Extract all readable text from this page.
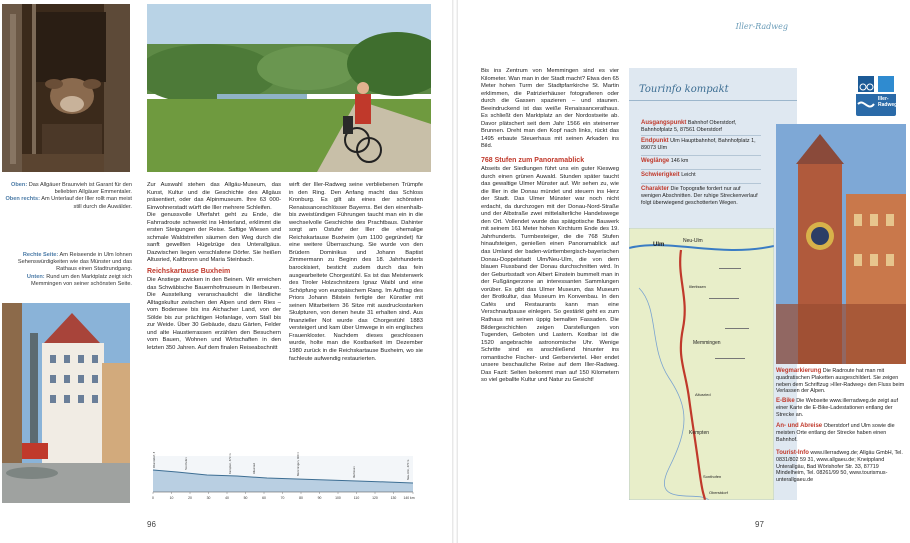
Oben: Das Allgäuer Braunvieh ist Garant für den beliebten Allgäuer Emmentaler.
Oben rechts: Am Unterlauf der Iller rollt man meist still durch die Auwälder.
Rechte Seite: Am Reiseende in Ulm lohnen Sehenswürdigkeiten wie das Münster und das Rathaus einen Stadtrundgang.
Unten: Rund um den Marktplatz zeigt sich Memmingen von seiner schönsten Seite.

Zur Auswahl stehen das Allgäu-Museum, das Kunst, Kultur und die Geschichte des Allgäus präsentiert, oder das Alpinmuseum. Ihre 63 000-Einwohnerstadt würft die Iller mehrere Schleifen.

Die genussvolle Uferfahrt geht zu Ende, die Fahrradroute schwenkt ins Hinterland, erklimmt die ersten Steigungen der Reise. Saftige Wiesen und schmale Waldstreifen säumen den Weg durch die sanft gewellten Hügelzüge des Unterallgäus. Dazwischen liegen verschlafene Dörfer. Sie heißen Altusried, Kaltbronn und Maria Steinbach.

Reichskartause Buxheim

Die Anstiege zwicken in den Beinen. Wir erreichen das Schwäbische Bauernhofmuseum in Illerbeuren. Die Ausstellung veranschaulicht die ländliche Alltagskultur zwischen den Alpen und dem Ries – vom Bodensee bis ins Aichacher Land, von der Sölde bis zur prächtigen Hofanlage, vom Stall bis zur Weide. Über 30 Gebäude, dazu Gärten, Felder und alte Haustierrassen erzählen den Besuchern vom Bauen, Wohnen und Wirtschaften in den letzten 350 Jahren. Auf dem finalen Reiseabschnitt

wirft der Iller-Radweg seine verbliebenen Trümpfe in den Ring. Den Anfang macht das Schloss Kronburg. Es gilt als eines der schönsten Renaissanceschlösser Bayerns. Bei den einenhalb- bis zweistündigen Führungen taucht man ein in die wechselvolle Geschichte des Prachtbaus. Dahinter sorgt am Ostufer der Iller die ehemalige Reichskartause Buxheim (um 1100 gegründet) für eine weitere Überraschung. Sie wurde von den Brüdern Dominikus und Johann Baptist Zimmermann zu Beginn des 18. Jahrhunderts barockisiert, besticht zudem durch das fein ausgearbeitete Chorgestühl. Es ist das Meisterwerk des Tiroler Holzschnitzers Ignaz Waibl und eine Schöpfung von europäischem Rang. Im Auftrag des Priors Johann Bilstein fertigte der Künstler mit seinen Mitarbeitern 36 Sitze mit ausdrucksstarken Skulpturen, von denen heute 31 erhalten sind. Aus finanzieller Not wurde das Chorgestühl 1883 versteigert und kam über Umwege in ein englisches Frauenkloster. Nachdem dieses geschlossen wurde, holte man die Kostbarkeit im Dezember 1980 zurück in die Reichskartause Buxheim, wo sie fachleute aufwendig restaurierten.

0	10	20	30	40	50	60	70	80	90	100	110	120	130 140 km
Oberstdorf, 813 m	Sonthofen	Kempten, 673 m	Altusried	Memmingen, 600 m	Illertissen	Neu-Ulm, 470 m
96
Iller-Radweg

Bis ins Zentrum von Memmingen sind es vier Kilometer. Wan man in der Stadt macht? Etwa den 65 Meter hohen Turm der Stadtpfarrkirche St. Martin erklimmen, die Patrizierhäuser fotografieren oder durch die Gassen spazieren – und staunen. Beeindruckend ist das weiße Renaissancerathaus. Es schließt den Marktplatz an der Nordostseite ab. Davor plätschert seit dem Jahr 1566 ein steinerner Brunnen. Dreht man den Kopf nach links, rückt das 1495 erbaute Steuerhaus mit seinen Arkaden ins Bild.

768 Stufen zum Panoramablick

Abseits der Siedlungen führt uns ein guter Kiesweg durch einen grünen Auwald. Stunden später taucht das gewaltige Ulmer Münster auf. Wir sehen zu, wie die Iller in die Donau mündet und steuern ins Herz der Stadt. Das Ulmer Münster war noch nicht erdacht, da durchzogen mit der Donau-Nord-Straße und der Albstraße zwei mittelalterliche Handelswege den Ort. Vollendet wurde das spätgotische Bauwerk mit seinem 161 Meter hohen Kirchturm Ende des 19. Jahrhunderts. Turmbesteiger, die die 768 Stufen hinaufsteigen, genießen einen Panoramablick auf das Umland der baden-württembergisch-bayerischen Donau-Doppelstadt Ulm/Neu-Ulm, die von dem blauen Flussband der Donau durchschnitten wird. In der Geburtsstadt von Albert Einstein bummelt man in der Fußgängerzone an interessanten Sammlungen vorüber. Es gibt das Ulmer Museum, das Museum der Brotkultur, das Museum im Konvenbau. In den Cafés und Restaurants kann man eine Verschnaufpause einlegen. So gestärkt geht es zum Rathaus mit seinen üppig bemalten Fassaden. Die Bildergeschichten zeigen Darstellungen von Tugenden, Geboten und Lastern. Kostbar ist die 1520 angebrachte astronomische Uhr. Wenige Schritte sind es anschließend hinunter ins romantische Fischer- und Gerberviertel. Hier endet unsere beschauliche Reise auf dem Iller-Radweg. Das Fazit: Selten bekommt man auf 150 Kilometern so viel geballte Kultur und Natur zu Gesicht!

Tourinfo kompakt
Ausgangspunkt Bahnhof Oberstdorf, Bahnhofplatz 5, 87561 Oberstdorf
Endpunkt Ulm Hauptbahnhof, Bahnhofplatz 1, 89073 Ulm
Weglänge 146 km
Schwierigkeit Leicht
Charakter Die Topografie fordert nur auf wenigen Abschnitten. Der ruhige Streckenverlauf folgt überwiegend geschotterten Wegen.
Ulm
Neu-Ulm
Memmingen
Kempten
Illertissen
Altusried
Sonthofen
Oberstdorf
Iller-Radweg
Wegmarkierung Die Radroute hat man mit quadratischen Plaketten ausgeschildert. Sie zeigen neben dem Schriftzug »Iller-Radweg« den Fluss beim Verlassen der Alpen.
E-Bike Die Webseite www.illerradweg.de zeigt auf einer Karte die E-Bike-Ladestationen entlang der Strecke an.
An- und Abreise Oberstdorf und Ulm sowie die meisten Orte entlang der Strecke haben einen Bahnhof.
Tourist-Info www.illerradweg.de; Allgäu GmbH, Tel. 0831/802 59 31, www.allgaeu.de; Kneippland Unterallgäu, Bad Wörishofer Str. 33, 87719 Mindelheim, Tel. 08261/99 50, www.tourismus-unterallgaeu.de
97
